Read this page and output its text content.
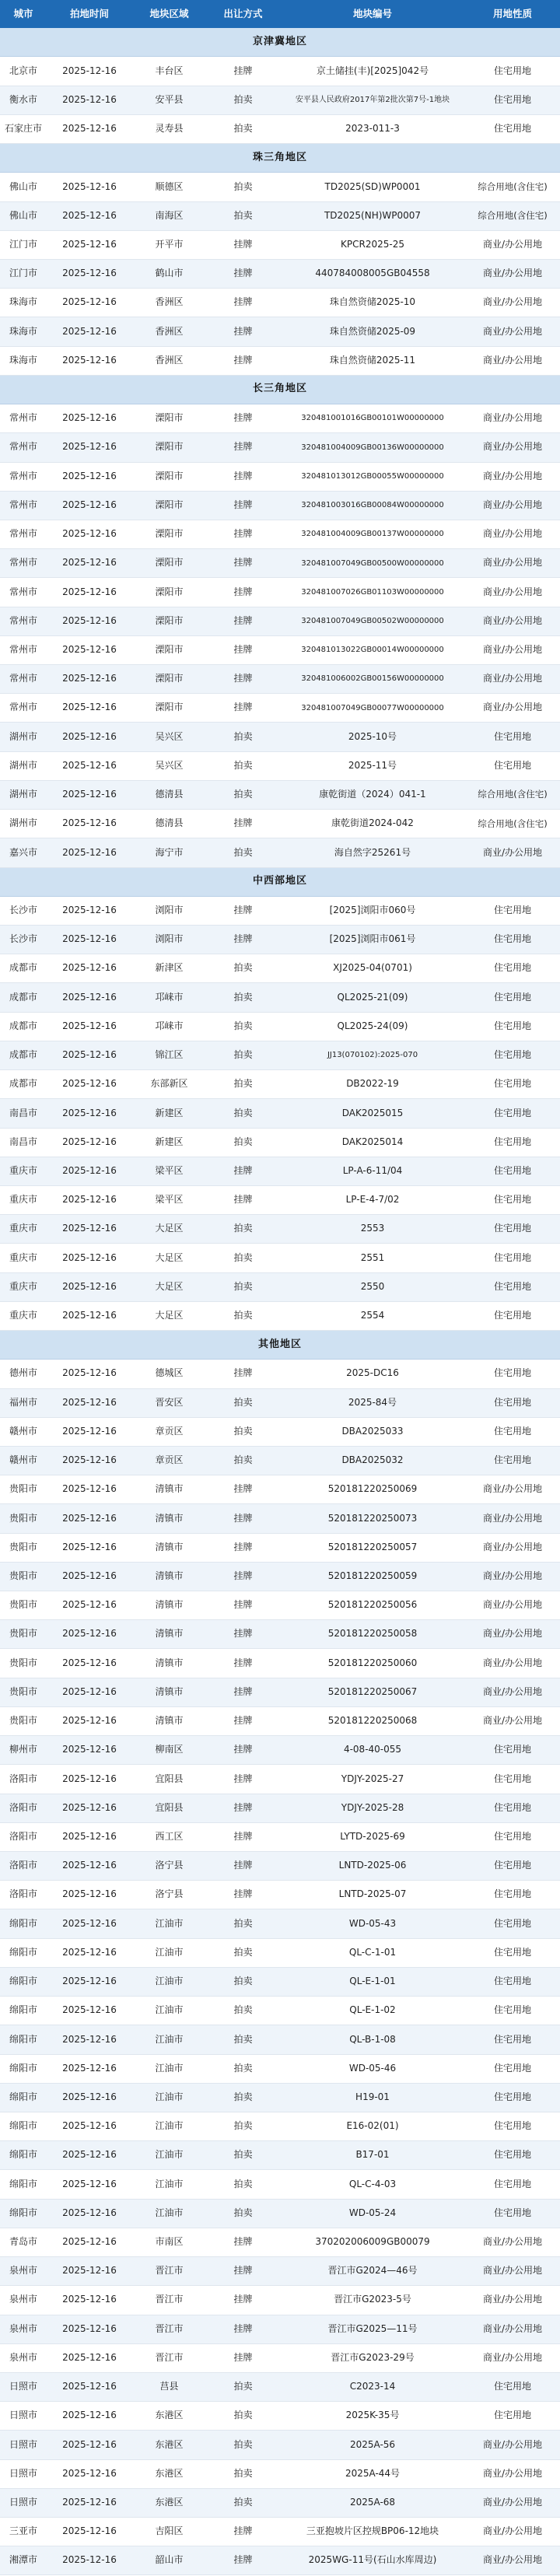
城市	拍地时间	地块区域	出让方式	地块编号	用地性质
京津冀地区
北京市	2025-12-16	丰台区	挂牌	京土储挂(丰)[2025]042号	住宅用地
衡水市	2025-12-16	安平县	拍卖	安平县人民政府2017年第2批次第7号-1地块	住宅用地
石家庄市	2025-12-16	灵寿县	拍卖	2023-011-3	住宅用地
珠三角地区
佛山市	2025-12-16	顺德区	拍卖	TD2025(SD)WP0001	综合用地(含住宅)
佛山市	2025-12-16	南海区	拍卖	TD2025(NH)WP0007	综合用地(含住宅)
江门市	2025-12-16	开平市	挂牌	KPCR2025-25	商业/办公用地
江门市	2025-12-16	鹤山市	挂牌	440784008005GB04558	商业/办公用地
珠海市	2025-12-16	香洲区	挂牌	珠自然资储2025-10	商业/办公用地
珠海市	2025-12-16	香洲区	挂牌	珠自然资储2025-09	商业/办公用地
珠海市	2025-12-16	香洲区	挂牌	珠自然资储2025-11	商业/办公用地
长三角地区
常州市	2025-12-16	溧阳市	挂牌	320481001016GB00101W00000000	商业/办公用地
常州市	2025-12-16	溧阳市	挂牌	320481004009GB00136W00000000	商业/办公用地
常州市	2025-12-16	溧阳市	挂牌	320481013012GB00055W00000000	商业/办公用地
常州市	2025-12-16	溧阳市	挂牌	320481003016GB00084W00000000	商业/办公用地
常州市	2025-12-16	溧阳市	挂牌	320481004009GB00137W00000000	商业/办公用地
常州市	2025-12-16	溧阳市	挂牌	320481007049GB00500W00000000	商业/办公用地
常州市	2025-12-16	溧阳市	挂牌	320481007026GB01103W00000000	商业/办公用地
常州市	2025-12-16	溧阳市	挂牌	320481007049GB00502W00000000	商业/办公用地
常州市	2025-12-16	溧阳市	挂牌	320481013022GB00014W00000000	商业/办公用地
常州市	2025-12-16	溧阳市	挂牌	320481006002GB00156W00000000	商业/办公用地
常州市	2025-12-16	溧阳市	挂牌	320481007049GB00077W00000000	商业/办公用地
湖州市	2025-12-16	吴兴区	拍卖	2025-10号	住宅用地
湖州市	2025-12-16	吴兴区	拍卖	2025-11号	住宅用地
湖州市	2025-12-16	德清县	拍卖	康乾街道（2024）041-1	综合用地(含住宅)
湖州市	2025-12-16	德清县	挂牌	康乾街道2024-042	综合用地(含住宅)
嘉兴市	2025-12-16	海宁市	拍卖	海自然字25261号	商业/办公用地
中西部地区
长沙市	2025-12-16	浏阳市	挂牌	[2025]浏阳市060号	住宅用地
长沙市	2025-12-16	浏阳市	挂牌	[2025]浏阳市061号	住宅用地
成都市	2025-12-16	新津区	拍卖	XJ2025-04(0701)	住宅用地
成都市	2025-12-16	邛崃市	拍卖	QL2025-21(09)	住宅用地
成都市	2025-12-16	邛崃市	拍卖	QL2025-24(09)	住宅用地
成都市	2025-12-16	锦江区	拍卖	JJ13(070102):2025-070	住宅用地
成都市	2025-12-16	东部新区	拍卖	DB2022-19	住宅用地
南昌市	2025-12-16	新建区	拍卖	DAK2025015	住宅用地
南昌市	2025-12-16	新建区	拍卖	DAK2025014	住宅用地
重庆市	2025-12-16	梁平区	挂牌	LP-A-6-11/04	住宅用地
重庆市	2025-12-16	梁平区	挂牌	LP-E-4-7/02	住宅用地
重庆市	2025-12-16	大足区	拍卖	2553	住宅用地
重庆市	2025-12-16	大足区	拍卖	2551	住宅用地
重庆市	2025-12-16	大足区	拍卖	2550	住宅用地
重庆市	2025-12-16	大足区	拍卖	2554	住宅用地
其他地区
德州市	2025-12-16	德城区	挂牌	2025-DC16	住宅用地
福州市	2025-12-16	晋安区	拍卖	2025-84号	住宅用地
赣州市	2025-12-16	章贡区	拍卖	DBA2025033	住宅用地
赣州市	2025-12-16	章贡区	拍卖	DBA2025032	住宅用地
贵阳市	2025-12-16	清镇市	挂牌	520181220250069	商业/办公用地
贵阳市	2025-12-16	清镇市	挂牌	520181220250073	商业/办公用地
贵阳市	2025-12-16	清镇市	挂牌	520181220250057	商业/办公用地
贵阳市	2025-12-16	清镇市	挂牌	520181220250059	商业/办公用地
贵阳市	2025-12-16	清镇市	挂牌	520181220250056	商业/办公用地
贵阳市	2025-12-16	清镇市	挂牌	520181220250058	商业/办公用地
贵阳市	2025-12-16	清镇市	挂牌	520181220250060	商业/办公用地
贵阳市	2025-12-16	清镇市	挂牌	520181220250067	商业/办公用地
贵阳市	2025-12-16	清镇市	挂牌	520181220250068	商业/办公用地
柳州市	2025-12-16	柳南区	挂牌	4-08-40-055	住宅用地
洛阳市	2025-12-16	宜阳县	挂牌	YDJY-2025-27	住宅用地
洛阳市	2025-12-16	宜阳县	挂牌	YDJY-2025-28	住宅用地
洛阳市	2025-12-16	西工区	挂牌	LYTD-2025-69	住宅用地
洛阳市	2025-12-16	洛宁县	挂牌	LNTD-2025-06	住宅用地
洛阳市	2025-12-16	洛宁县	挂牌	LNTD-2025-07	住宅用地
绵阳市	2025-12-16	江油市	拍卖	WD-05-43	住宅用地
绵阳市	2025-12-16	江油市	拍卖	QL-C-1-01	住宅用地
绵阳市	2025-12-16	江油市	拍卖	QL-E-1-01	住宅用地
绵阳市	2025-12-16	江油市	拍卖	QL-E-1-02	住宅用地
绵阳市	2025-12-16	江油市	拍卖	QL-B-1-08	住宅用地
绵阳市	2025-12-16	江油市	拍卖	WD-05-46	住宅用地
绵阳市	2025-12-16	江油市	拍卖	H19-01	住宅用地
绵阳市	2025-12-16	江油市	拍卖	E16-02(01)	住宅用地
绵阳市	2025-12-16	江油市	拍卖	B17-01	住宅用地
绵阳市	2025-12-16	江油市	拍卖	QL-C-4-03	住宅用地
绵阳市	2025-12-16	江油市	拍卖	WD-05-24	住宅用地
青岛市	2025-12-16	市南区	挂牌	370202006009GB00079	商业/办公用地
泉州市	2025-12-16	晋江市	挂牌	晋江市G2024—46号	商业/办公用地
泉州市	2025-12-16	晋江市	挂牌	晋江市G2023-5号	商业/办公用地
泉州市	2025-12-16	晋江市	挂牌	晋江市G2025—11号	商业/办公用地
泉州市	2025-12-16	晋江市	挂牌	晋江市G2023-29号	商业/办公用地
日照市	2025-12-16	莒县	拍卖	C2023-14	住宅用地
日照市	2025-12-16	东港区	拍卖	2025K-35号	住宅用地
日照市	2025-12-16	东港区	拍卖	2025A-56	商业/办公用地
日照市	2025-12-16	东港区	拍卖	2025A-44号	商业/办公用地
日照市	2025-12-16	东港区	拍卖	2025A-68	商业/办公用地
三亚市	2025-12-16	吉阳区	挂牌	三亚抱坡片区控规BP06-12地块	商业/办公用地
湘潭市	2025-12-16	韶山市	挂牌	2025WG-11号(石山水库周边)	商业/办公用地
